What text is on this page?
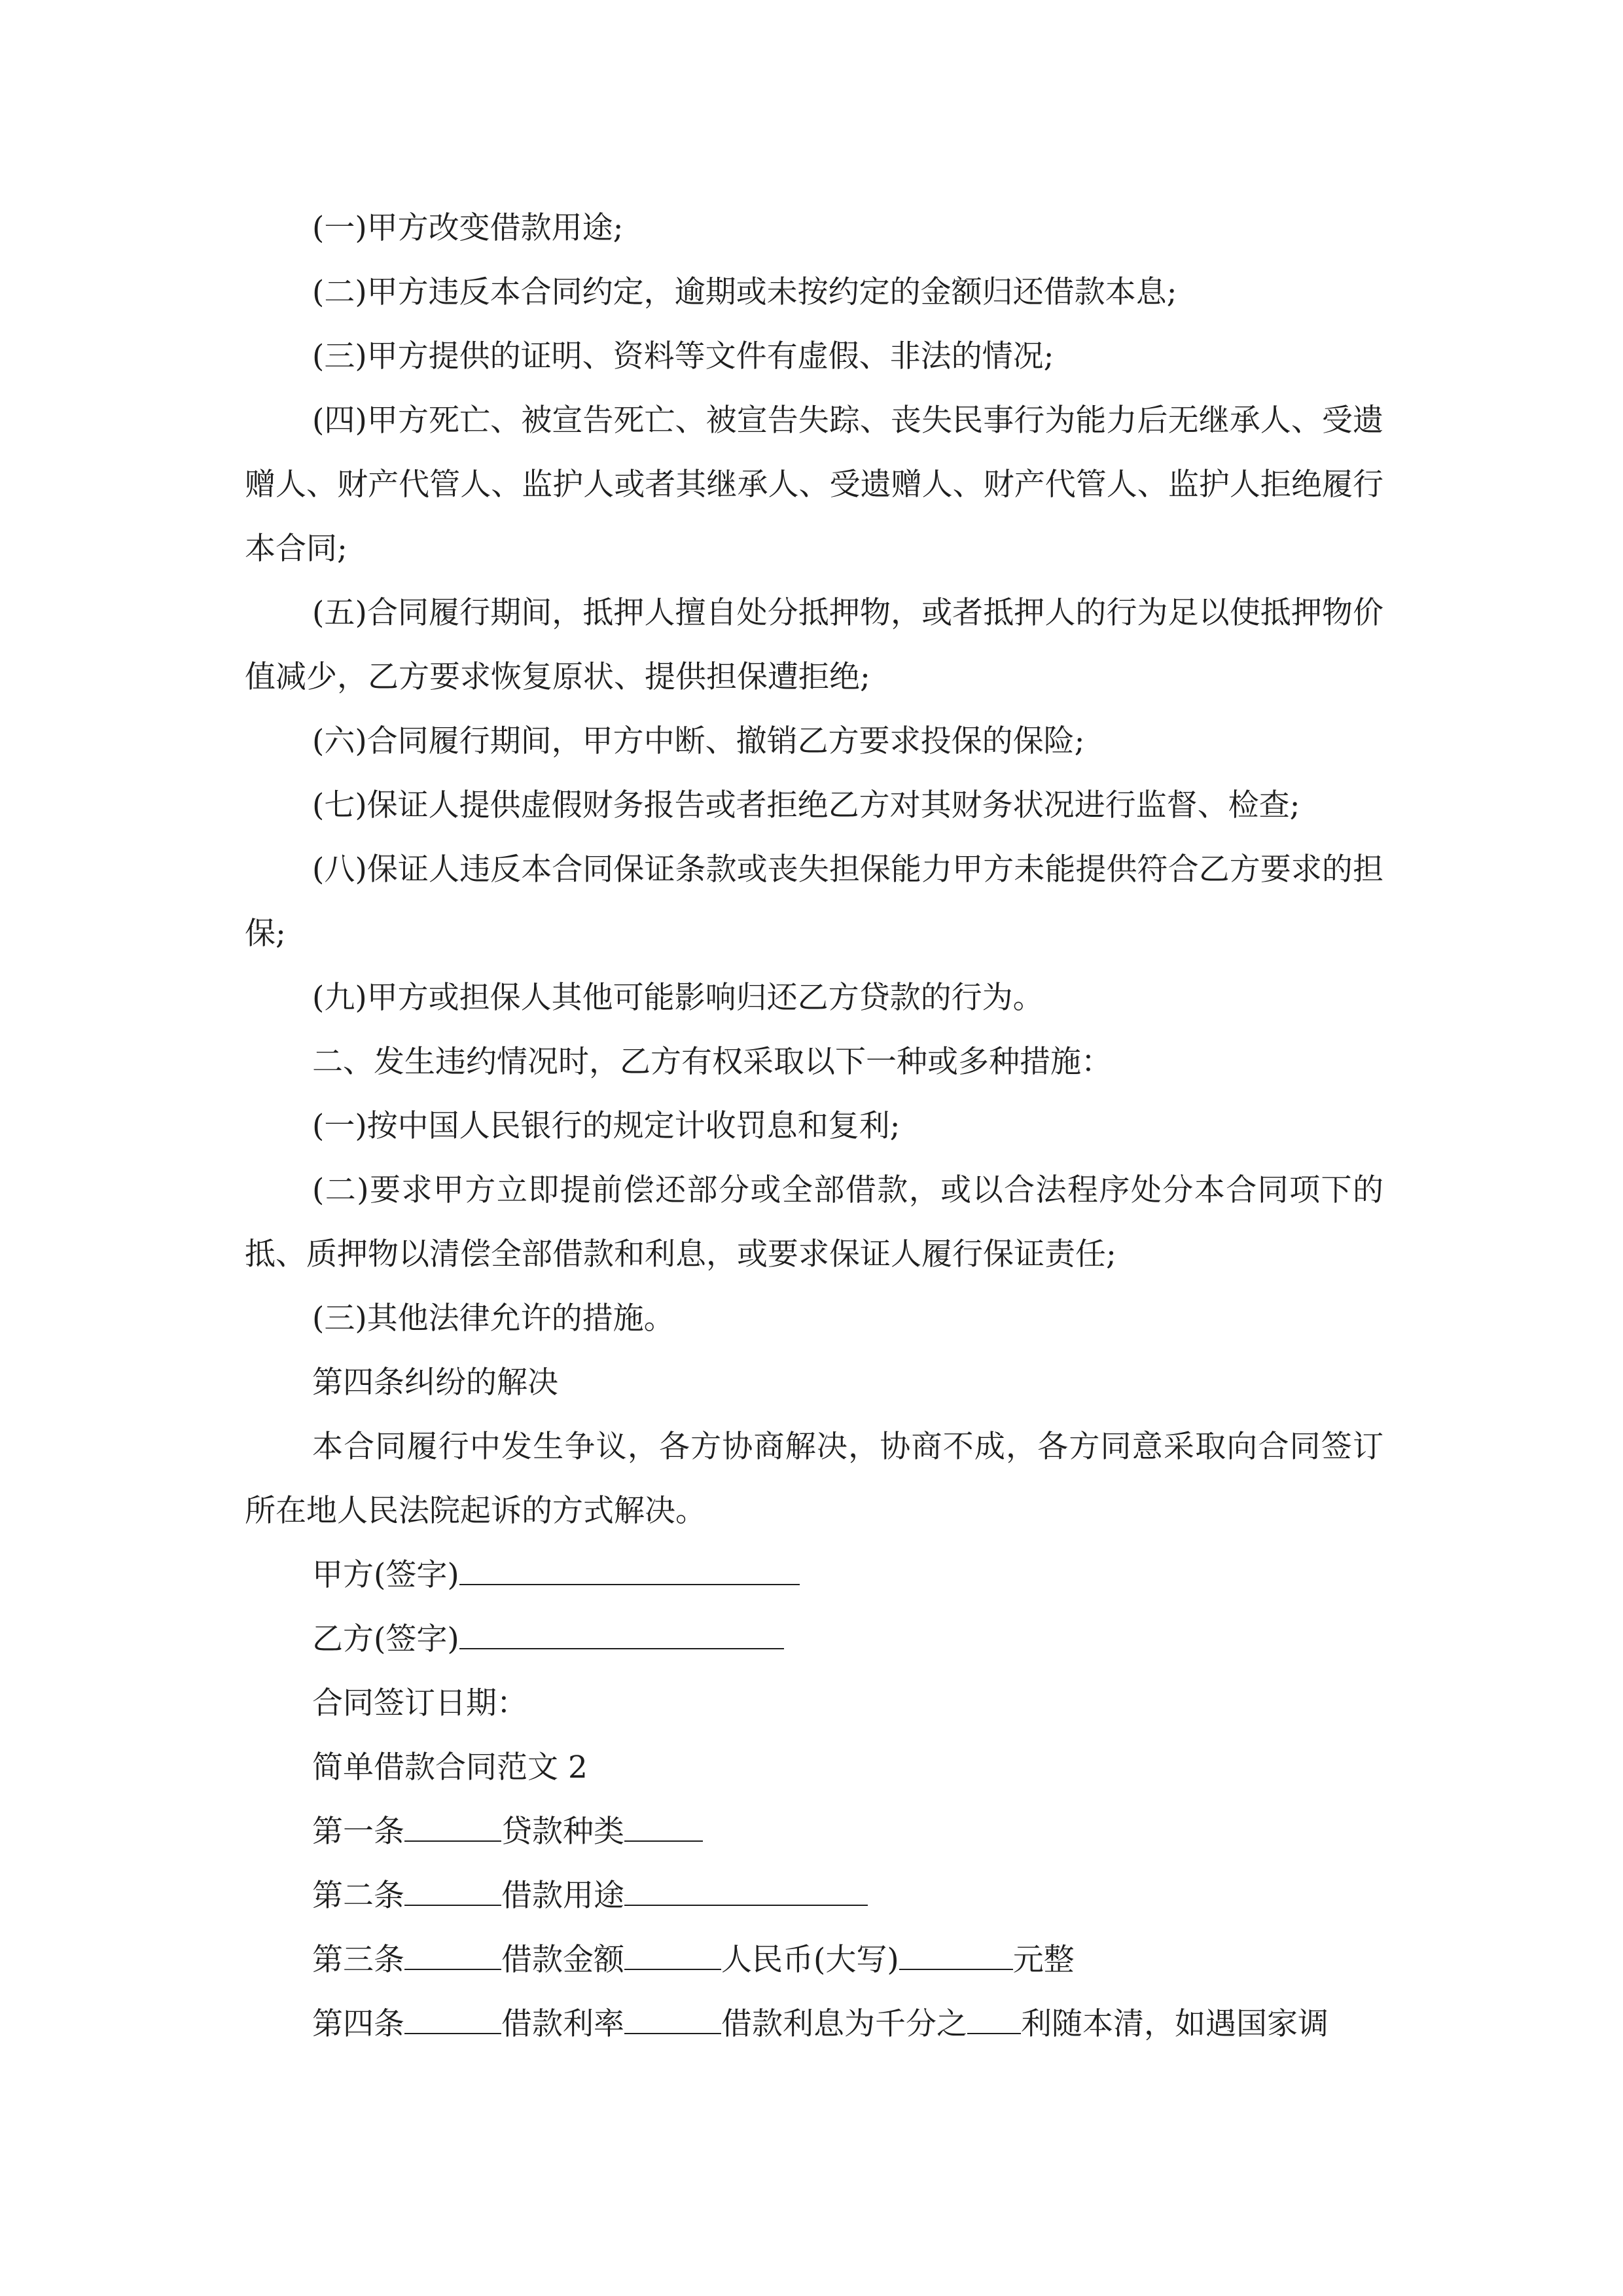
(一)甲方改变借款用途;

(二)甲方违反本合同约定，逾期或未按约定的金额归还借款本息;

(三)甲方提供的证明、资料等文件有虚假、非法的情况;

(四)甲方死亡、被宣告死亡、被宣告失踪、丧失民事行为能力后无继承人、受遗赠人、财产代管人、监护人或者其继承人、受遗赠人、财产代管人、监护人拒绝履行本合同;

(五)合同履行期间，抵押人擅自处分抵押物，或者抵押人的行为足以使抵押物价值减少，乙方要求恢复原状、提供担保遭拒绝;

(六)合同履行期间，甲方中断、撤销乙方要求投保的保险;

(七)保证人提供虚假财务报告或者拒绝乙方对其财务状况进行监督、检查;

(八)保证人违反本合同保证条款或丧失担保能力甲方未能提供符合乙方要求的担保;

(九)甲方或担保人其他可能影响归还乙方贷款的行为。

二、发生违约情况时，乙方有权采取以下一种或多种措施：

(一)按中国人民银行的规定计收罚息和复利;

(二)要求甲方立即提前偿还部分或全部借款，或以合法程序处分本合同项下的抵、质押物以清偿全部借款和利息，或要求保证人履行保证责任;

(三)其他法律允许的措施。

第四条纠纷的解决

本合同履行中发生争议，各方协商解决，协商不成，各方同意采取向合同签订所在地人民法院起诉的方式解决。

甲方(签字)

乙方(签字)

合同签订日期：

简单借款合同范文 2

第一条	贷款种类

第二条	借款用途

第三条	借款金额	人民币(大写)	元整

第四条	借款利率	借款利息为千分之 利随本清，如遇国家调
